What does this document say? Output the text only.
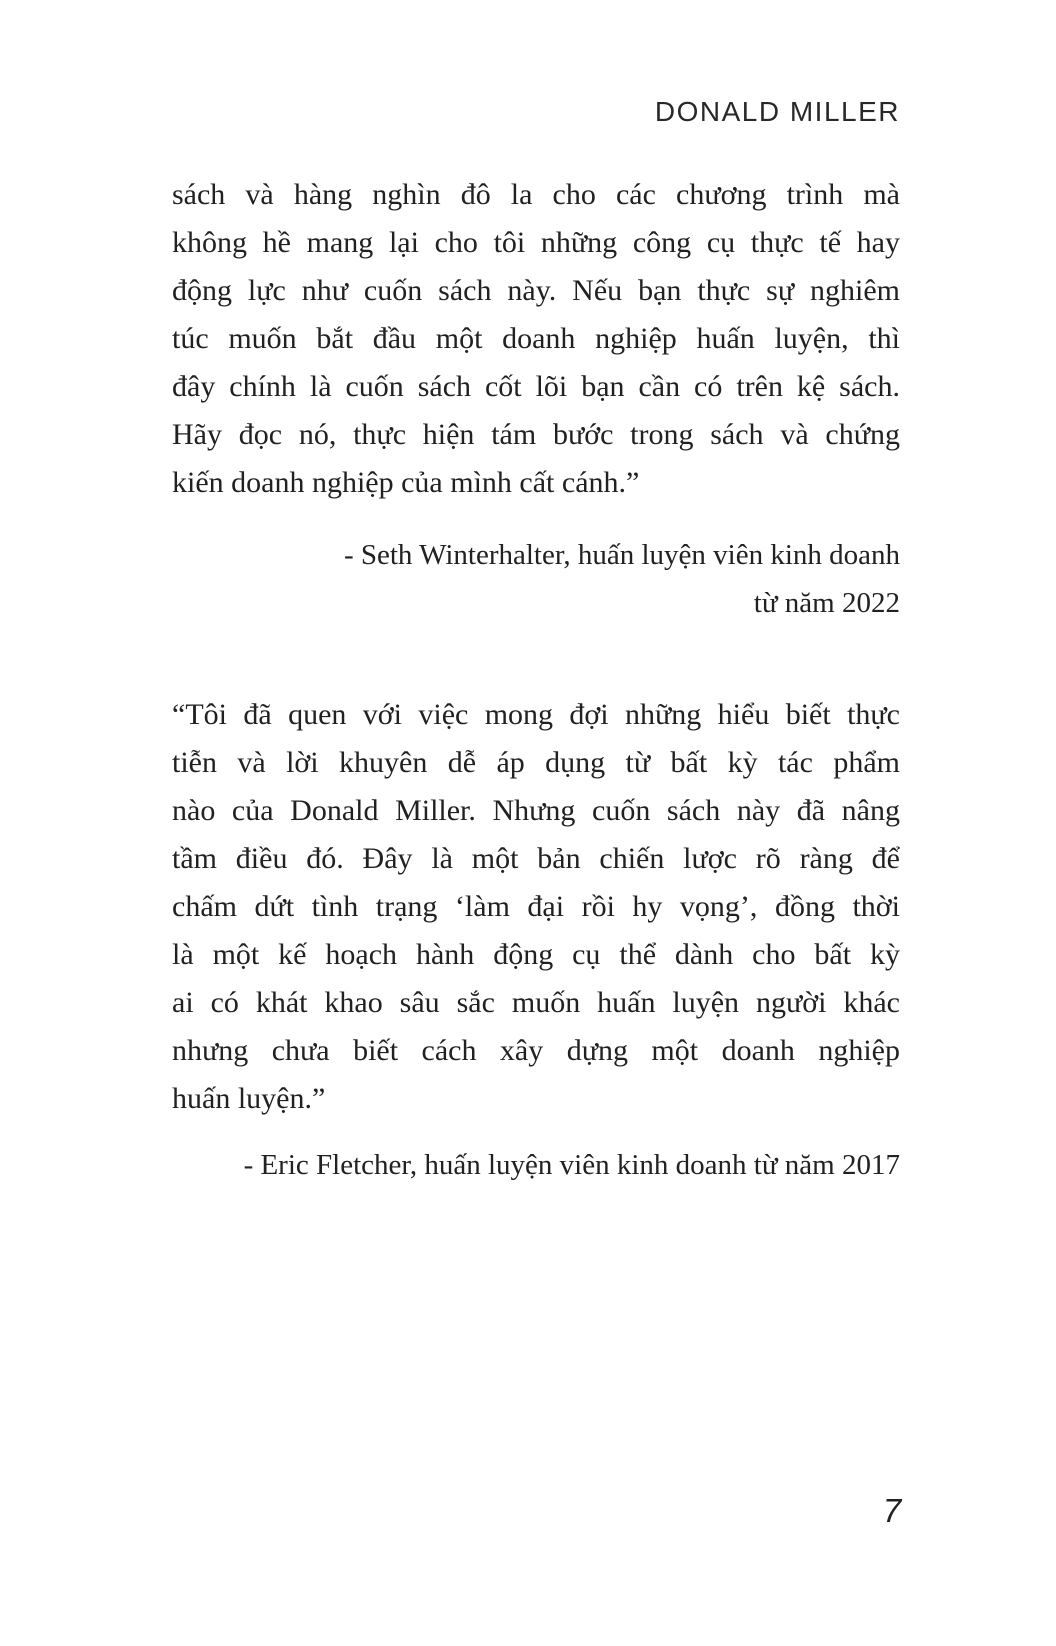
DONALD MILLER
sách và hàng nghìn đô la cho các chương trình mà
không hề mang lại cho tôi những công cụ thực tế hay
động lực như cuốn sách này. Nếu bạn thực sự nghiêm
túc muốn bắt đầu một doanh nghiệp huấn luyện, thì
đây chính là cuốn sách cốt lõi bạn cần có trên kệ sách.
Hãy đọc nó, thực hiện tám bước trong sách và chứng
kiến doanh nghiệp của mình cất cánh.”
- Seth Winterhalter, huấn luyện viên kinh doanh
từ năm 2022
“Tôi đã quen với việc mong đợi những hiểu biết thực
tiễn và lời khuyên dễ áp dụng từ bất kỳ tác phẩm
nào của Donald Miller. Nhưng cuốn sách này đã nâng
tầm điều đó. Đây là một bản chiến lược rõ ràng để
chấm dứt tình trạng ‘làm đại rồi hy vọng’, đồng thời
là một kế hoạch hành động cụ thể dành cho bất kỳ
ai có khát khao sâu sắc muốn huấn luyện người khác
nhưng chưa biết cách xây dựng một doanh nghiệp
huấn luyện.”
- Eric Fletcher, huấn luyện viên kinh doanh từ năm 2017
7
